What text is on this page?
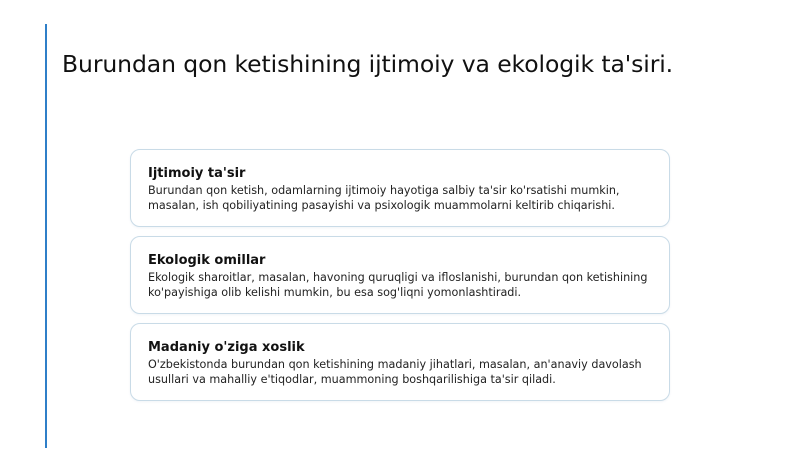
Burundan qon ketishining ijtimoiy va ekologik ta'siri.
Ijtimoiy ta'sir

Burundan qon ketish, odamlarning ijtimoiy hayotiga salbiy ta'sir ko'rsatishi mumkin, masalan, ish qobiliyatining pasayishi va psixologik muammolarni keltirib chiqarishi.

Ekologik omillar

Ekologik sharoitlar, masalan, havoning quruqligi va ifloslanishi, burundan qon ketishining ko'payishiga olib kelishi mumkin, bu esa sog'liqni yomonlashtiradi.

Madaniy o'ziga xoslik

O'zbekistonda burundan qon ketishining madaniy jihatlari, masalan, an'anaviy davolash usullari va mahalliy e'tiqodlar, muammoning boshqarilishiga ta'sir qiladi.
